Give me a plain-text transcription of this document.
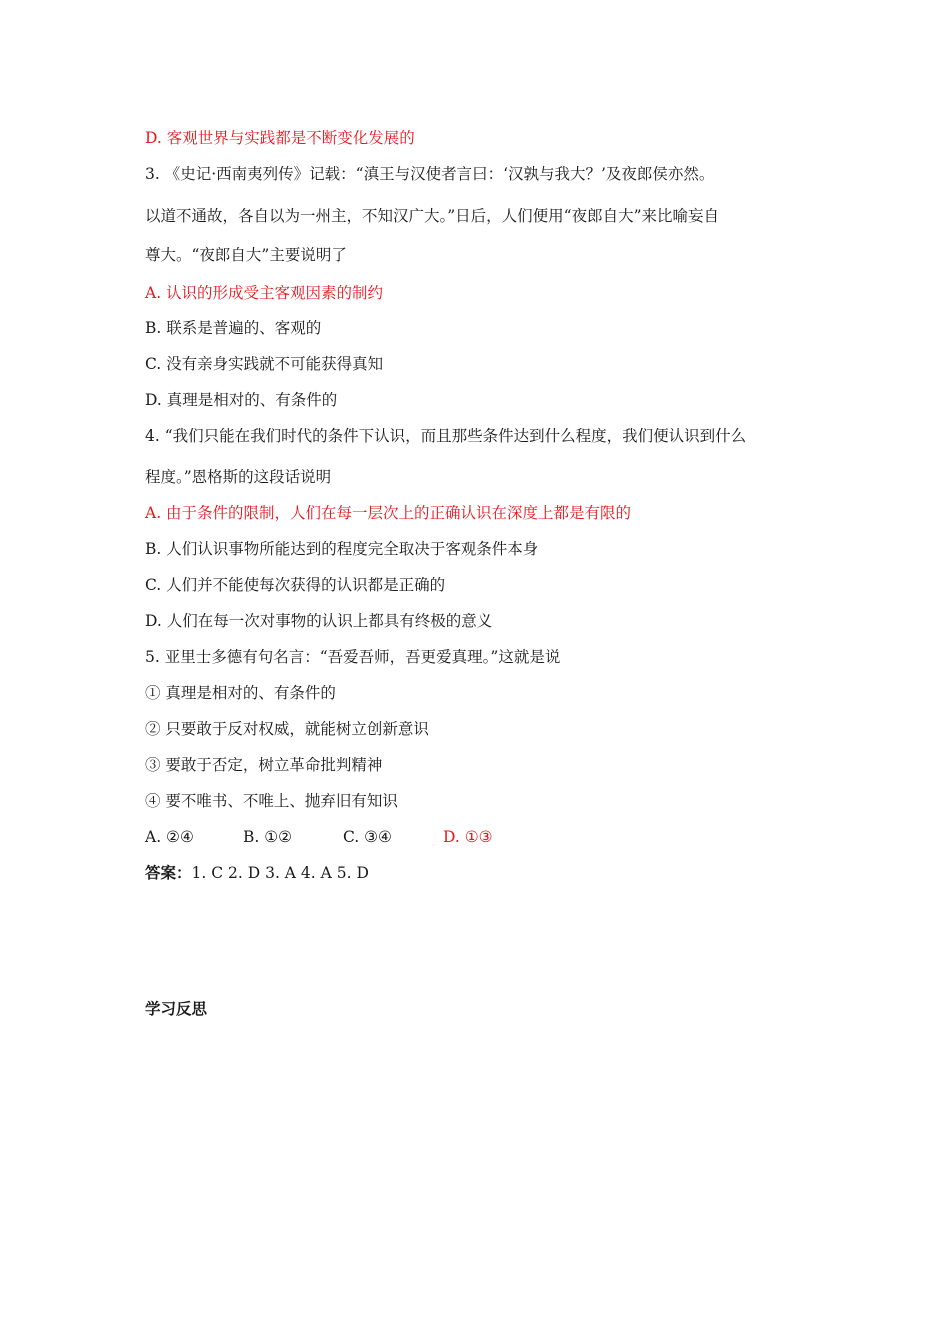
D. 客观世界与实践都是不断变化发展的
3. 《史记·西南夷列传》记载：“滇王与汉使者言曰：‘汉孰与我大？’及夜郎侯亦然。
以道不通故，各自以为一州主，不知汉广大。”日后，人们便用“夜郎自大”来比喻妄自
尊大。“夜郎自大”主要说明了
A. 认识的形成受主客观因素的制约
B. 联系是普遍的、客观的
C. 没有亲身实践就不可能获得真知
D. 真理是相对的、有条件的
4. “我们只能在我们时代的条件下认识，而且那些条件达到什么程度，我们便认识到什么
程度。”恩格斯的这段话说明
A. 由于条件的限制，人们在每一层次上的正确认识在深度上都是有限的
B. 人们认识事物所能达到的程度完全取决于客观条件本身
C. 人们并不能使每次获得的认识都是正确的
D. 人们在每一次对事物的认识上都具有终极的意义
5. 亚里士多德有句名言：“吾爱吾师，吾更爱真理。”这就是说
① 真理是相对的、有条件的
② 只要敢于反对权威，就能树立创新意识
③ 要敢于否定，树立革命批判精神
④ 要不唯书、不唯上、抛弃旧有知识
A. ②④	B. ①②	C. ③④	D. ①③
答案：1. C 2. D 3. A 4. A 5. D
学习反思
